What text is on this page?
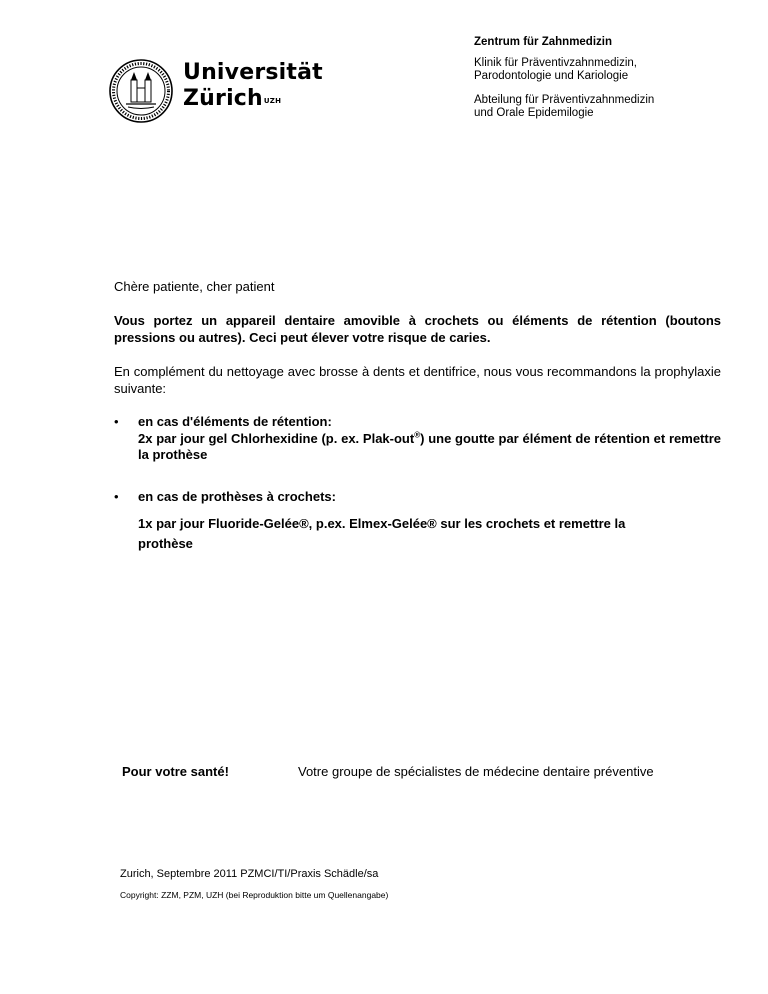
Universität
Zürich$^{UZH}$
Zentrum für Zahnmedizin
Klinik für Präventivzahnmedizin,
Parodontologie und Kariologie
Abteilung für Präventivzahnmedizin
und Orale Epidemilogie
Chère patiente, cher patient
Vous portez un appareil dentaire amovible à crochets ou éléments de rétention (boutons pressions ou autres). Ceci peut élever votre risque de caries.
En complément du nettoyage avec brosse à dents et dentifrice, nous vous recommandons la prophylaxie suivante:
• en cas d'éléments de rétention:
2x par jour gel Chlorhexidine (p. ex. Plak-out®) une goutte par élément de rétention et remettre la prothèse
• en cas de prothèses à crochets:
1x par jour Fluoride-Gelée®, p.ex. Elmex-Gelée® sur les crochets et remettre la
prothèse
Pour votre santé!	Votre groupe de spécialistes de médecine dentaire préventive
Zurich, Septembre 2011 PZMCI/TI/Praxis Schädle/sa
Copyright: ZZM, PZM, UZH (bei Reproduktion bitte um Quellenangabe)
